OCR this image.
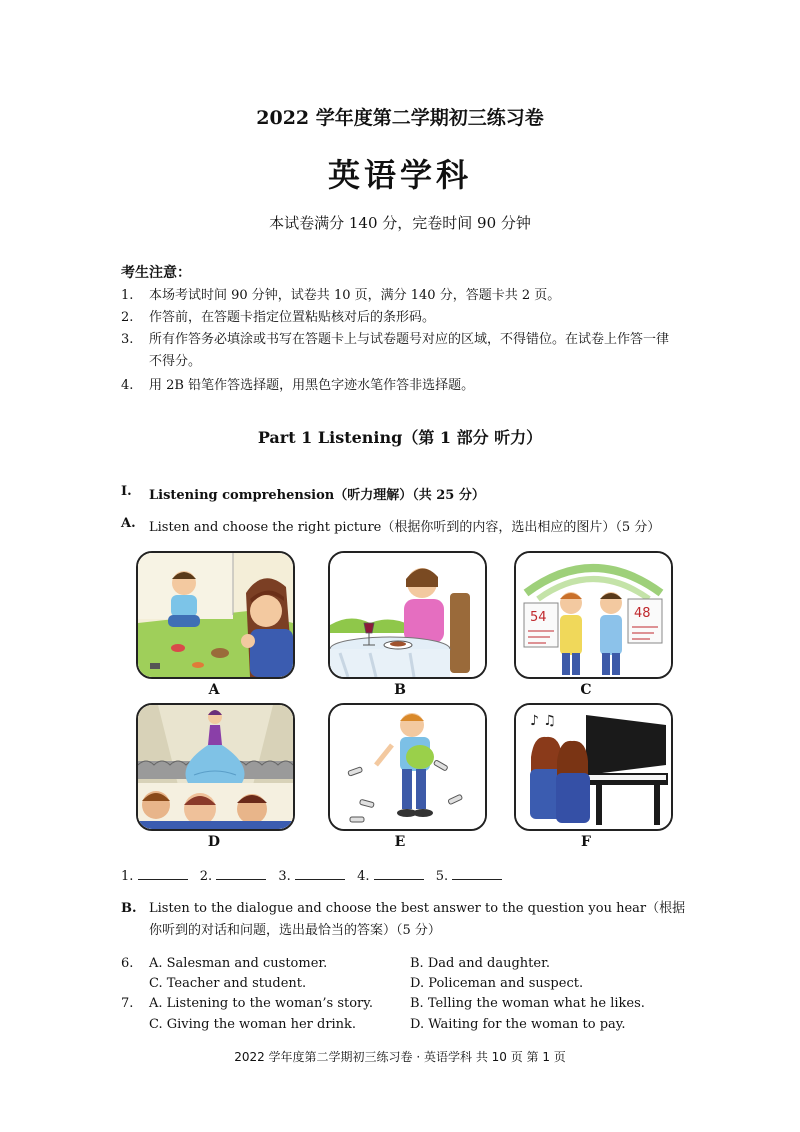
2022 学年度第二学期初三练习卷
英语学科
本试卷满分 140 分，完卷时间 90 分钟
考生注意：
1. 本场考试时间 90 分钟，试卷共 10 页，满分 140 分，答题卡共 2 页。
2. 作答前，在答题卡指定位置粘贴核对后的条形码。
3. 所有作答务必填涂或书写在答题卡上与试卷题号对应的区域，不得错位。在试卷上作答一律不得分。
4. 用 2B 铅笔作答选择题，用黑色字迹水笔作答非选择题。
Part 1 Listening（第 1 部分 听力）
I. Listening comprehension（听力理解）（共 25 分）
A. Listen and choose the right picture（根据你听到的内容，选出相应的图片）（5 分）
A	B
54	48
C
D	E
♪ ♫
F
1.	2.	3.	4.	5.
B. Listen to the dialogue and choose the best answer to the question you hear（根据你听到的对话和问题，选出最恰当的答案）（5 分）
6. A. Salesman and customer.	B. Dad and daughter.
C. Teacher and student.	D. Policeman and suspect.
7. A. Listening to the woman’s story.	B. Telling the woman what he likes.
C. Giving the woman her drink.	D. Waiting for the woman to pay.
2022 学年度第二学期初三练习卷 · 英语学科 共 10 页 第 1 页
